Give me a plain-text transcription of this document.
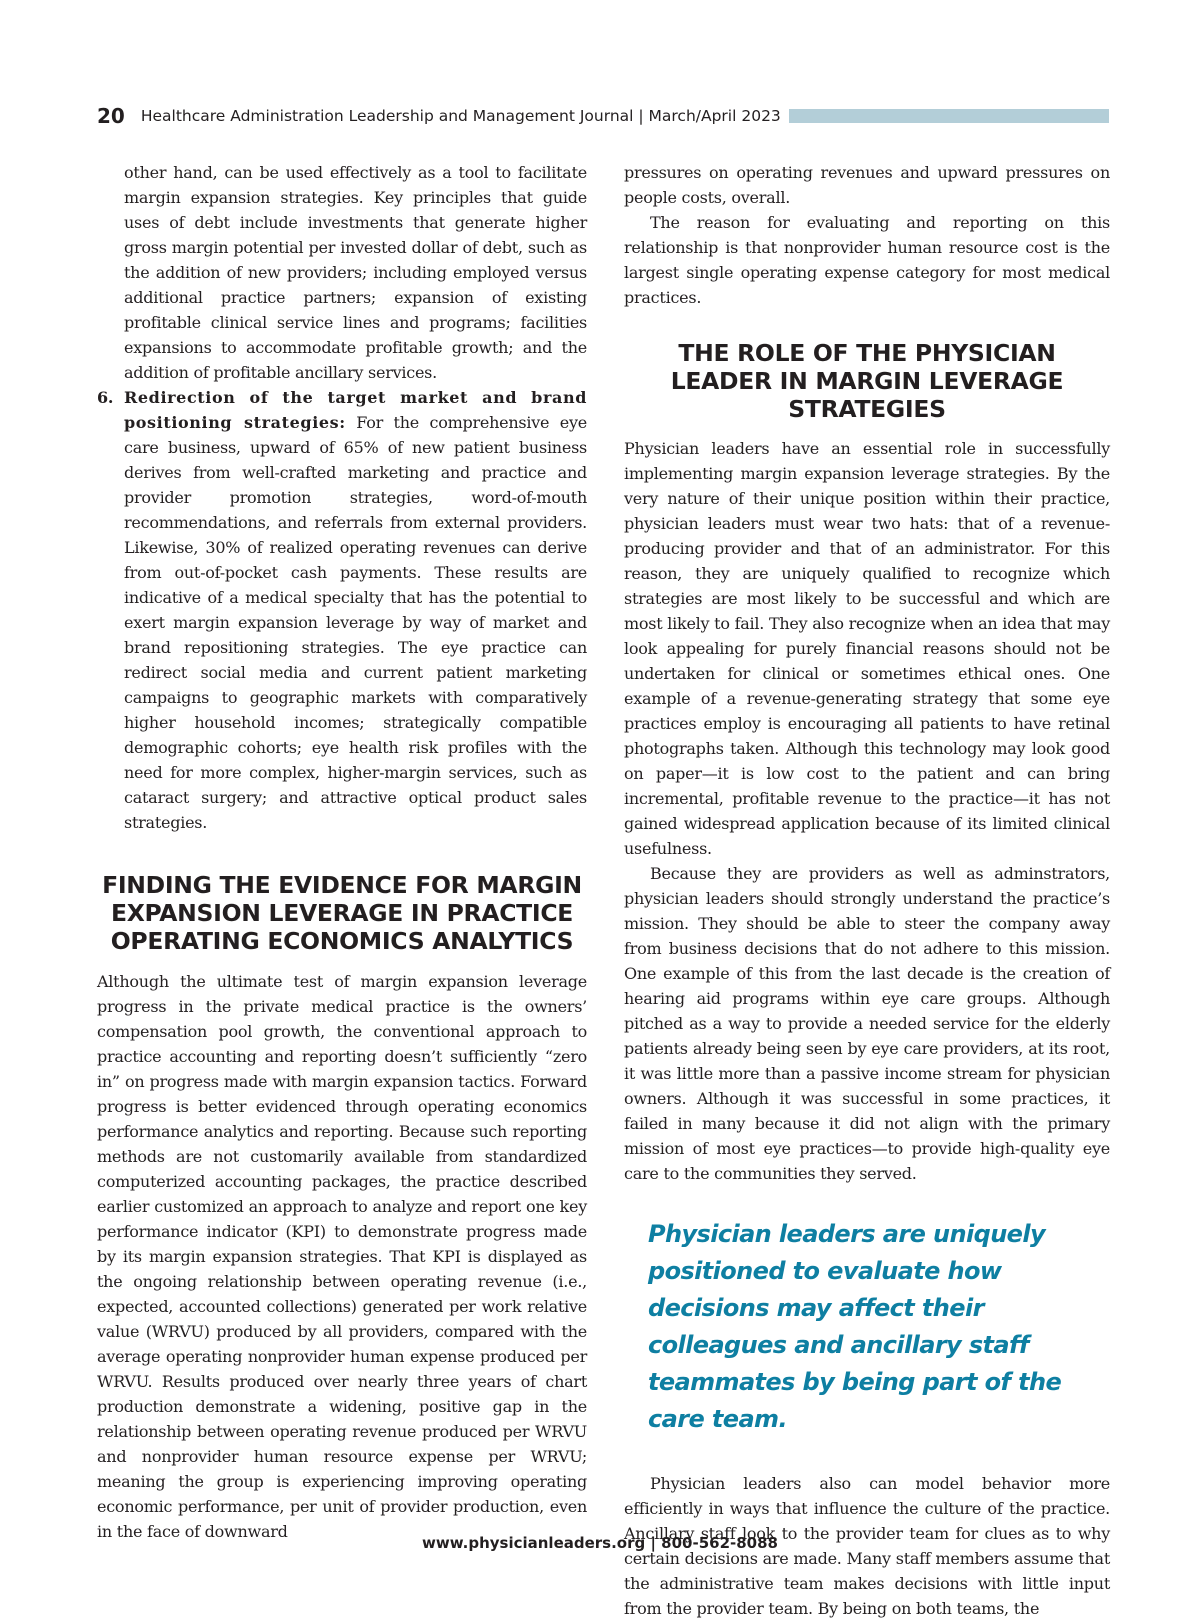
20 Healthcare Administration Leadership and Management Journal | March/April 2023

other hand, can be used effectively as a tool to facilitate margin expansion strategies. Key principles that guide uses of debt include investments that generate higher gross margin potential per invested dollar of debt, such as the addition of new providers; including employed versus additional practice partners; expansion of existing profitable clinical service lines and programs; facilities expansions to accommodate profitable growth; and the addition of profitable ancillary services.

6. Redirection of the target market and brand positioning strategies: For the comprehensive eye care business, upward of 65% of new patient business derives from well-crafted marketing and practice and provider promotion strategies, word-of-mouth recommendations, and referrals from external providers. Likewise, 30% of realized operating revenues can derive from out-of-pocket cash payments. These results are indicative of a medical specialty that has the potential to exert margin expansion leverage by way of market and brand repositioning strategies. The eye practice can redirect social media and current patient marketing campaigns to geographic markets with comparatively higher household incomes; strategically compatible demographic cohorts; eye health risk profiles with the need for more complex, higher-margin services, such as cataract surgery; and attractive optical product sales strategies.

FINDING THE EVIDENCE FOR MARGIN EXPANSION LEVERAGE IN PRACTICE OPERATING ECONOMICS ANALYTICS

Although the ultimate test of margin expansion leverage progress in the private medical practice is the owners’ compensation pool growth, the conventional approach to practice accounting and reporting doesn’t sufficiently “zero in” on progress made with margin expansion tactics. Forward progress is better evidenced through operating economics performance analytics and reporting. Because such reporting methods are not customarily available from standardized computerized accounting packages, the practice described earlier customized an approach to analyze and report one key performance indicator (KPI) to demonstrate progress made by its margin expansion strategies. That KPI is displayed as the ongoing relationship between operating revenue (i.e., expected, accounted collections) generated per work relative value (WRVU) produced by all providers, compared with the average operating nonprovider human expense produced per WRVU. Results produced over nearly three years of chart production demonstrate a widening, positive gap in the relationship between operating revenue produced per WRVU and nonprovider human resource expense per WRVU; meaning the group is experiencing improving operating economic performance, per unit of provider production, even in the face of downward

pressures on operating revenues and upward pressures on people costs, overall.

The reason for evaluating and reporting on this relationship is that nonprovider human resource cost is the largest single operating expense category for most medical practices.

THE ROLE OF THE PHYSICIAN LEADER IN MARGIN LEVERAGE STRATEGIES

Physician leaders have an essential role in successfully implementing margin expansion leverage strategies. By the very nature of their unique position within their practice, physician leaders must wear two hats: that of a revenue-producing provider and that of an administrator. For this reason, they are uniquely qualified to recognize which strategies are most likely to be successful and which are most likely to fail. They also recognize when an idea that may look appealing for purely financial reasons should not be undertaken for clinical or sometimes ethical ones. One example of a revenue-generating strategy that some eye practices employ is encouraging all patients to have retinal photographs taken. Although this technology may look good on paper—it is low cost to the patient and can bring incremental, profitable revenue to the practice—it has not gained widespread application because of its limited clinical usefulness.

Because they are providers as well as adminstrators, physician leaders should strongly understand the practice’s mission. They should be able to steer the company away from business decisions that do not adhere to this mission. One example of this from the last decade is the creation of hearing aid programs within eye care groups. Although pitched as a way to provide a needed service for the elderly patients already being seen by eye care providers, at its root, it was little more than a passive income stream for physician owners. Although it was successful in some practices, it failed in many because it did not align with the primary mission of most eye practices—to provide high-quality eye care to the communities they served.

Physician leaders are uniquely positioned to evaluate how decisions may affect their colleagues and ancillary staff teammates by being part of the care team.

Physician leaders also can model behavior more efficiently in ways that influence the culture of the practice. Ancillary staff look to the provider team for clues as to why certain decisions are made. Many staff members assume that the administrative team makes decisions with little input from the provider team. By being on both teams, the

www.physicianleaders.org | 800-562-8088
